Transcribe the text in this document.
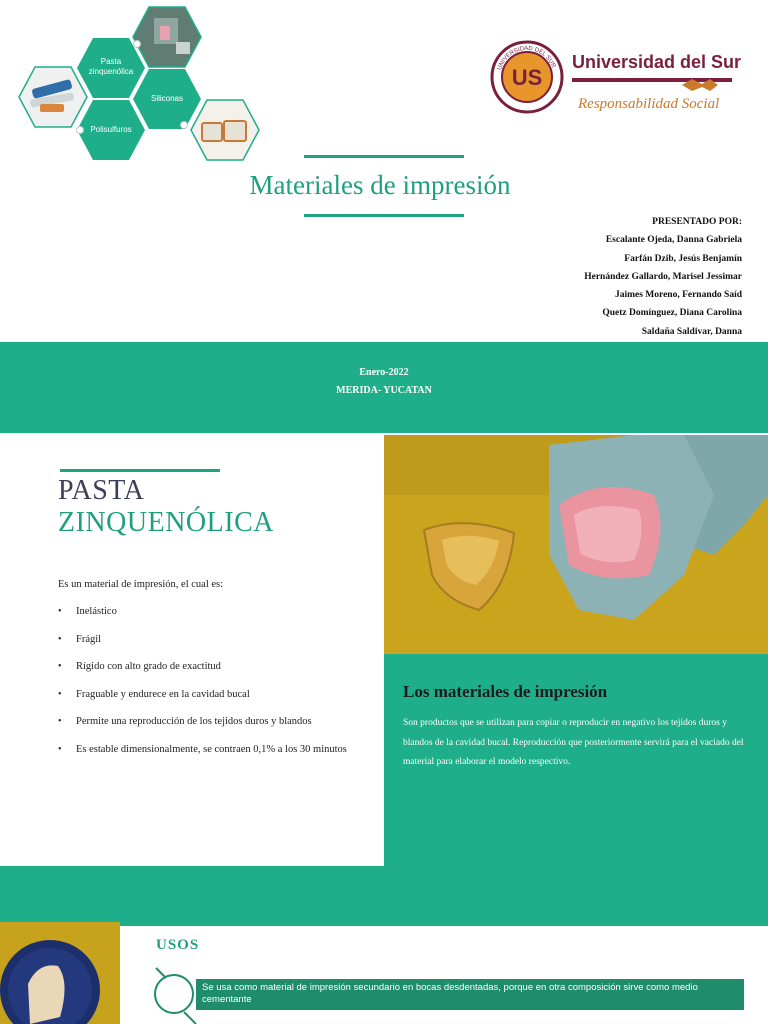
Pasta zinquenólica
Siliconas
Polisulfuros
US
UNIVERSIDAD DEL SUR Universidad del Sur
Responsabilidad Social
Materiales de impresión
PRESENTADO POR:
Escalante Ojeda, Danna Gabriela
Farfán Dzib, Jesús Benjamín
Hernández Gallardo, Marisel Jessimar
Jaimes Moreno, Fernando Saíd
Quetz Domínguez, Diana Carolina
Saldaña Saldivar, Danna
Enero-2022
MERIDA- YUCATAN
PASTA
ZINQUENÓLICA
Es un material de impresión, el cual es:
• Inelástico
• Frágil
• Rígido con alto grado de exactitud
• Fraguable y endurece en la cavidad bucal
• Permite una reproducción de los tejidos duros y blandos
• Es estable dimensionalmente, se contraen 0,1% a los 30 minutos
Los materiales de impresión
Son productos que se utilizan para copiar o reproducir en negativo los tejidos duros y blandos de la cavidad bucal. Reproducción que posteriormente servirá para el vaciado del material para elaborar el modelo respectivo.
USOS
Se usa como material de impresión secundario en bocas desdentadas, porque en otra composición sirve como medio cementante
